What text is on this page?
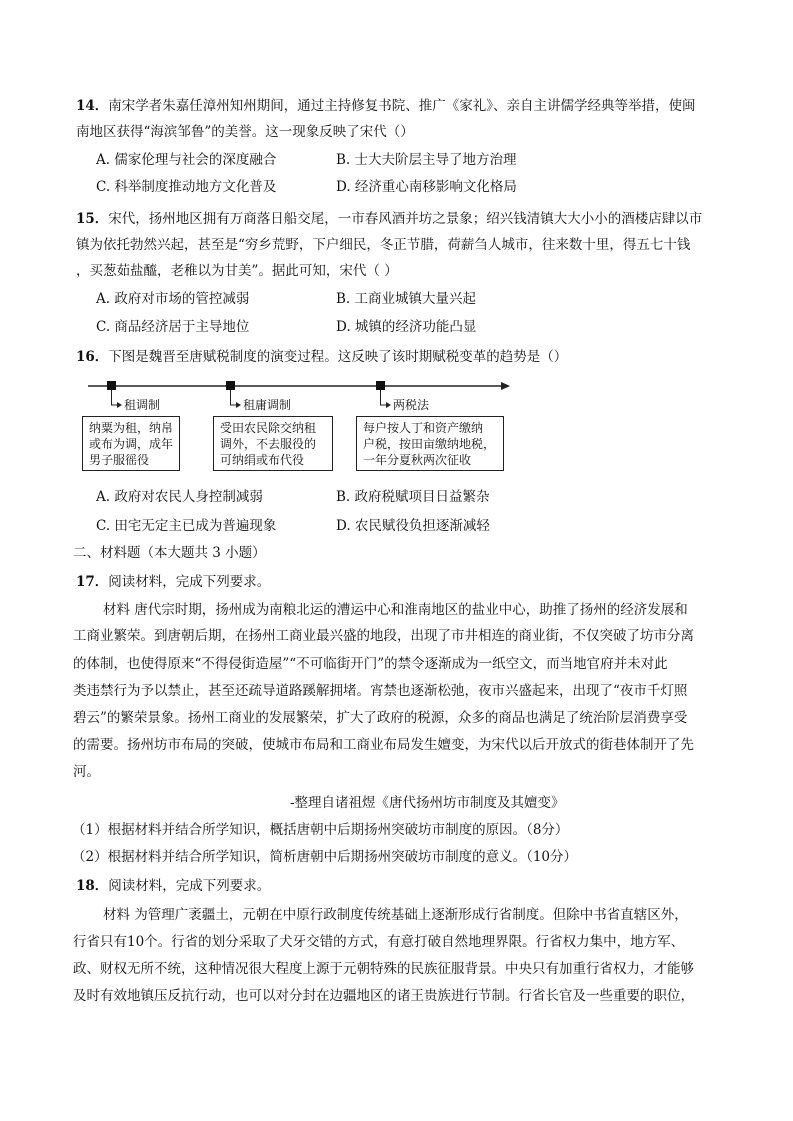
14．南宋学者朱嘉任漳州知州期间，通过主持修复书院、推广《家礼》、亲自主讲儒学经典等举措，使闽
南地区获得“海滨邹鲁”的美誉。这一现象反映了宋代（）
A. 儒家伦理与社会的深度融合	B. 士大夫阶层主导了地方治理
C. 科举制度推动地方文化普及	D. 经济重心南移影响文化格局
15．宋代，扬州地区拥有万商落日船交尾，一市春风酒并坊之景象；绍兴钱清镇大大小小的酒楼店肆以市
镇为依托勃然兴起，甚至是“穷乡荒野，下户细民，冬正节腊，荷薪刍人城市，往来数十里，得五七十钱
，买葱茹盐醯，老稚以为甘美”。据此可知，宋代（ ）
A. 政府对市场的管控减弱	B. 工商业城镇大量兴起
C. 商品经济居于主导地位	D. 城镇的经济功能凸显
16．下图是魏晋至唐赋税制度的演变过程。这反映了该时期赋税变革的趋势是（）
租调制	租庸调制	两税法
纳粟为租，纳帛
或布为调，成年
男子服徭役
受田农民除交纳租
调外，不去服役的
可纳绢或布代役
每户按人丁和资产缴纳
户税，按田亩缴纳地税，
一年分夏秋两次征收
A. 政府对农民人身控制减弱	B. 政府税赋项目日益繁杂
C. 田宅无定主已成为普遍现象	D. 农民赋役负担逐渐减轻
二、材料题（本大题共 3 小题）
17．阅读材料，完成下列要求。
材料 唐代宗时期，扬州成为南粮北运的漕运中心和淮南地区的盐业中心，助推了扬州的经济发展和
工商业繁荣。到唐朝后期，在扬州工商业最兴盛的地段，出现了市井相连的商业街，不仅突破了坊市分离
的体制，也使得原来“不得侵街造屋”“不可临街开门”的禁令逐渐成为一纸空文，而当地官府并未对此
类违禁行为予以禁止，甚至还疏导道路蹊解拥堵。宵禁也逐渐松弛，夜市兴盛起来，出现了“夜市千灯照
碧云”的繁荣景象。扬州工商业的发展繁荣，扩大了政府的税源，众多的商品也满足了统治阶层消费享受
的需要。扬州坊市布局的突破，使城市布局和工商业布局发生嬗变，为宋代以后开放式的街巷体制开了先
河。
-整理自诸祖煜《唐代扬州坊市制度及其嬗变》
（1）根据材料并结合所学知识，概括唐朝中后期扬州突破坊市制度的原因。（8分）
（2）根据材料并结合所学知识，简析唐朝中后期扬州突破坊市制度的意义。（10分）
18．阅读材料，完成下列要求。
材料 为管理广袤疆土，元朝在中原行政制度传统基础上逐渐形成行省制度。但除中书省直辖区外，
行省只有10个。行省的划分采取了犬牙交错的方式，有意打破自然地理界限。行省权力集中，地方军、
政、财权无所不统，这种情况很大程度上源于元朝特殊的民族征服背景。中央只有加重行省权力，才能够
及时有效地镇压反抗行动，也可以对分封在边疆地区的诸王贵族进行节制。行省长官及一些重要的职位，
